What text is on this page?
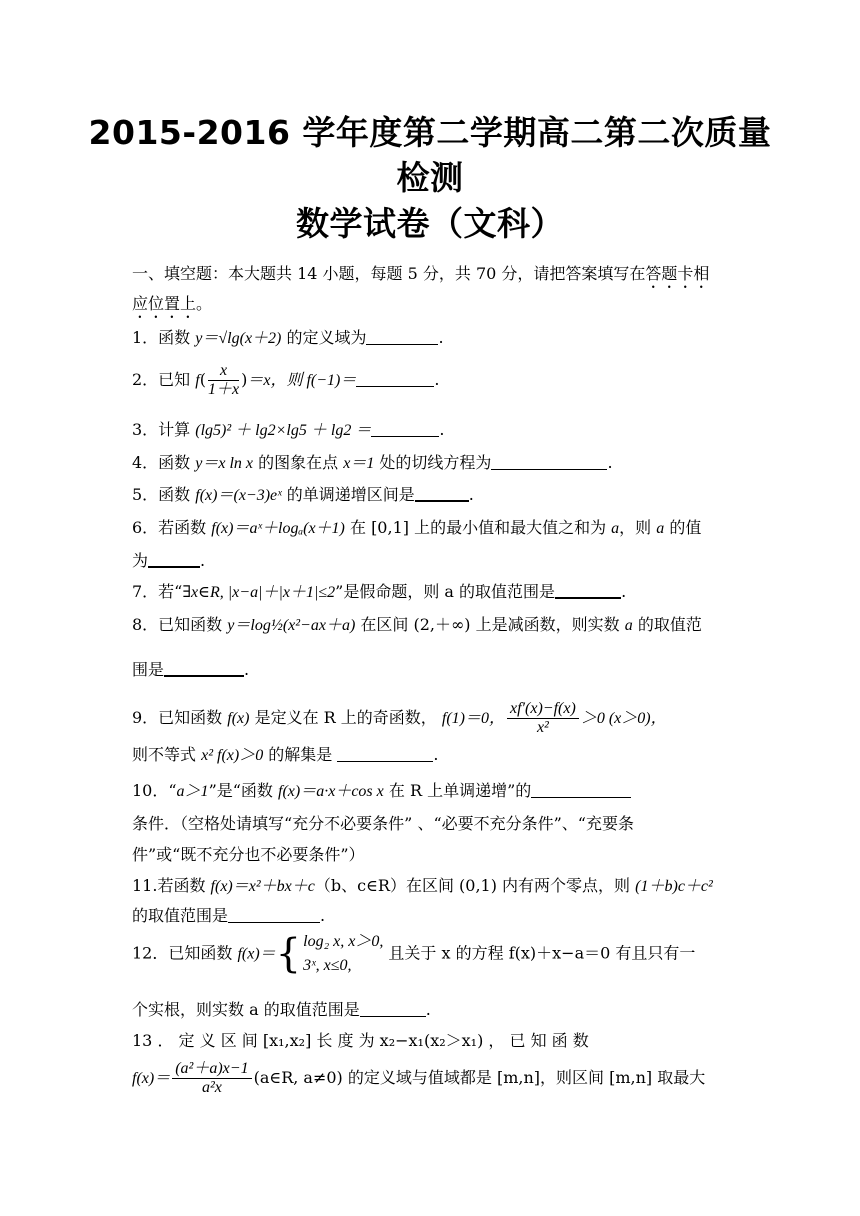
2015-2016 学年度第二学期高二第二次质量
检测
数学试卷（文科）
一、填空题：本大题共 14 小题，每题 5 分，共 70 分，请把答案填写在答题卡相
应位置上。
1．函数 y＝√lg(x＋2) 的定义域为	.
2．已知 $f( \frac{x}{1+x} )=x$，则 f(−1)＝	.
3．计算 (lg5)² ＋ lg2×lg5 ＋ lg2 ＝	.
4．函数 y＝x ln x 的图象在点 x＝1 处的切线方程为	.
5．函数 f(x)＝(x−3)eˣ 的单调递增区间是	.
6．若函数 f(x)＝aˣ＋logₐ(x＋1) 在 [0,1] 上的最小值和最大值之和为 a，则 a 的值
为	.
7．若“∃x∈R, |x−a|＋|x＋1|≤2”是假命题，则 a 的取值范围是	.
8．已知函数 y＝log½(x²−ax＋a) 在区间 (2,＋∞) 上是减函数，则实数 a 的取值范
围是	.
9．已知函数 f(x) 是定义在 R 上的奇函数， f(1)＝0， $\frac{xf'(x)-f(x)}{\text{x²}} >0$ (x＞0)，
则不等式 x² f(x)＞0 的解集是	.
10．“a＞1”是“函数 f(x)＝a·x＋cos x 在 R 上单调递增”的
条件．（空格处请填写“充分不必要条件” 、“必要不充分条件”、“充要条
件”或“既不充分也不必要条件”）
11.若函数 f(x)＝x²＋bx＋c（b、c∈R）在区间 (0,1) 内有两个零点，则 (1＋b)c＋c²
的取值范围是	.
12．已知函数 f(x)＝{ log₂ x, x＞0,
3ˣ, x≤0,
且关于 x 的方程 f(x)＋x−a＝0 有且只有一
个实根，则实数 a 的取值范围是	.
13 ． 定 义 区 间 [x₁,x₂] 长 度 为 x₂−x₁(x₂＞x₁) ， 已 知 函 数
$f(x)= \frac{\text{(a²＋a)x−1}}{\text{a²x}}$ (a∈R, a≠0) 的定义域与值域都是 [m,n]，则区间 [m,n] 取最大
